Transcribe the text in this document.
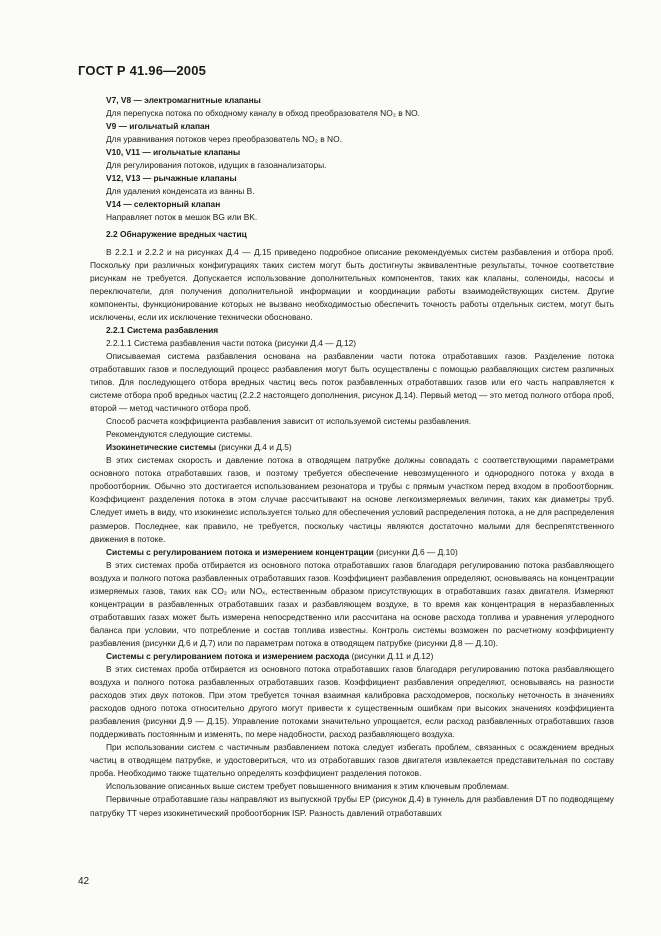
ГОСТ Р 41.96—2005

V7, V8 — электромагнитные клапаны

Для перепуска потока по обходному каналу в обход преобразователя NO₂ в NO.

V9 — игольчатый клапан

Для уравнивания потоков через преобразователь NO₂ в NO.

V10, V11 — игольчатые клапаны

Для регулирования потоков, идущих в газоанализаторы.

V12, V13 — рычажные клапаны

Для удаления конденсата из ванны B.

V14 — селекторный клапан

Направляет поток в мешок BG или BK.

2.2 Обнаружение вредных частиц

В 2.2.1 и 2.2.2 и на рисунках Д.4 — Д.15 приведено подробное описание рекомендуемых систем разбавления и отбора проб. Поскольку при различных конфигурациях таких систем могут быть достигнуты эквивалентные результаты, точное соответствие рисункам не требуется. Допускается использование дополнительных компонентов, таких как клапаны, соленоиды, насосы и переключатели, для получения дополнительной информации и координации работы взаимодействующих систем. Другие компоненты, функционирование которых не вызвано необходимостью обеспечить точность работы отдельных систем, могут быть исключены, если их исключение технически обосновано.

2.2.1 Система разбавления

2.2.1.1 Система разбавления части потока (рисунки Д.4 — Д.12)

Описываемая система разбавления основана на разбавлении части потока отработавших газов. Разделение потока отработавших газов и последующий процесс разбавления могут быть осуществлены с помощью разбавляющих систем различных типов. Для последующего отбора вредных частиц весь поток разбавленных отработавших газов или его часть направляется к системе отбора проб вредных частиц (2.2.2 настоящего дополнения, рисунок Д.14). Первый метод — это метод полного отбора проб, второй — метод частичного отбора проб.

Способ расчета коэффициента разбавления зависит от используемой системы разбавления.

Рекомендуются следующие системы.

Изокинетические системы (рисунки Д.4 и Д.5)

В этих системах скорость и давление потока в отводящем патрубке должны совпадать с соответствующими параметрами основного потока отработавших газов, и поэтому требуется обеспечение невозмущенного и однородного потока у входа в пробоотборник. Обычно это достигается использованием резонатора и трубы с прямым участком перед входом в пробоотборник. Коэффициент разделения потока в этом случае рассчитывают на основе легкоизмеряемых величин, таких как диаметры труб. Следует иметь в виду, что изокинезис используется только для обеспечения условий распределения потока, а не для распределения размеров. Последнее, как правило, не требуется, поскольку частицы являются достаточно малыми для беспрепятственного движения в потоке.

Системы с регулированием потока и измерением концентрации (рисунки Д.6 — Д.10)

В этих системах проба отбирается из основного потока отработавших газов благодаря регулированию потока разбавляющего воздуха и полного потока разбавленных отработавших газов. Коэффициент разбавления определяют, основываясь на концентрации измеряемых газов, таких как CO₂ или NOₓ, естественным образом присутствующих в отработавших газах двигателя. Измеряют концентрации в разбавленных отработавших газах и разбавляющем воздухе, в то время как концентрация в неразбавленных отработавших газах может быть измерена непосредственно или рассчитана на основе расхода топлива и уравнения углеродного баланса при условии, что потребление и состав топлива известны. Контроль системы возможен по расчетному коэффициенту разбавления (рисунки Д.6 и Д.7) или по параметрам потока в отводящем патрубке (рисунки Д.8 — Д.10).

Системы с регулированием потока и измерением расхода (рисунки Д.11 и Д.12)

В этих системах проба отбирается из основного потока отработавших газов благодаря регулированию потока разбавляющего воздуха и полного потока разбавленных отработавших газов. Коэффициент разбавления определяют, основываясь на разности расходов этих двух потоков. При этом требуется точная взаимная калибровка расходомеров, поскольку неточность в значениях расходов одного потока относительно другого могут привести к существенным ошибкам при высоких значениях коэффициента разбавления (рисунки Д.9 — Д.15). Управление потоками значительно упрощается, если расход разбавленных отработавших газов поддерживать постоянным и изменять, по мере надобности, расход разбавляющего воздуха.

При использовании систем с частичным разбавлением потока следует избегать проблем, связанных с осаждением вредных частиц в отводящем патрубке, и удостовериться, что из отработавших газов двигателя извлекается представительная по составу проба. Необходимо также тщательно определять коэффициент разделения потоков.

Использование описанных выше систем требует повышенного внимания к этим ключевым проблемам.

Первичные отработавшие газы направляют из выпускной трубы EP (рисунок Д.4) в туннель для разбавления DT по подводящему патрубку TT через изокинетический пробоотборник ISP. Разность давлений отработавших

42
